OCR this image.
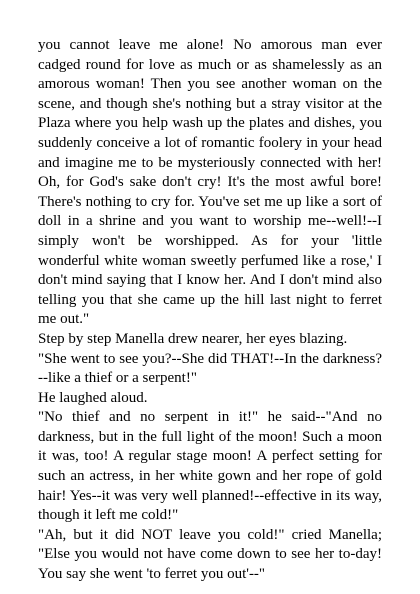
you cannot leave me alone! No amorous man ever cadged round for love as much or as shamelessly as an amorous woman! Then you see another woman on the scene, and though she's nothing but a stray visitor at the Plaza where you help wash up the plates and dishes, you suddenly conceive a lot of romantic foolery in your head and imagine me to be mysteriously connected with her! Oh, for God's sake don't cry! It's the most awful bore! There's nothing to cry for. You've set me up like a sort of doll in a shrine and you want to worship me--well!--I simply won't be worshipped. As for your 'little wonderful white woman sweetly perfumed like a rose,' I don't mind saying that I know her. And I don't mind also telling you that she came up the hill last night to ferret me out."

Step by step Manella drew nearer, her eyes blazing.

"She went to see you?--She did THAT!--In the darkness?--like a thief or a serpent!"

He laughed aloud.

"No thief and no serpent in it!" he said--"And no darkness, but in the full light of the moon! Such a moon it was, too! A regular stage moon! A perfect setting for such an actress, in her white gown and her rope of gold hair! Yes--it was very well planned!--effective in its way, though it left me cold!"

"Ah, but it did NOT leave you cold!" cried Manella; "Else you would not have come down to see her to-day! You say she went 'to ferret you out'--"
